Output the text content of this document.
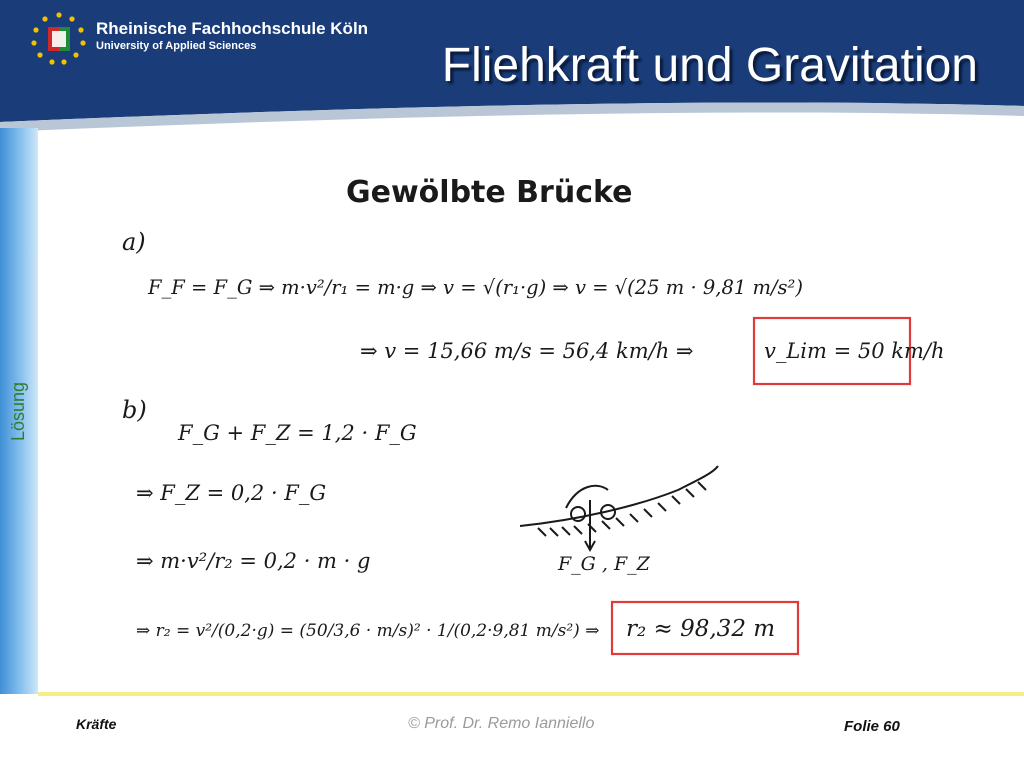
Rheinische Fachhochschule Köln
University of Applied Sciences	Fliehkraft und Gravitation
Lösung
Gewölbte Brücke
a)
F_F = F_G ⇒ m·v²/r₁ = m·g ⇒ v = √(r₁·g) ⇒ v = √(25 m · 9,81 m/s²)
⇒ v = 15,66 m/s = 56,4 km/h ⇒	v_Lim = 50 km/h
b)
F_G + F_Z = 1,2 · F_G
⇒ F_Z = 0,2 · F_G
⇒ m·v²/r₂ = 0,2 · m · g
⇒ r₂ = v²/(0,2·g) = (50/3,6 · m/s)² · 1/(0,2·9,81 m/s²) ⇒ r₂ ≈ 98,32 m
F_G , F_Z
Kräfte	© Prof. Dr. Remo Ianniello	Folie 60
